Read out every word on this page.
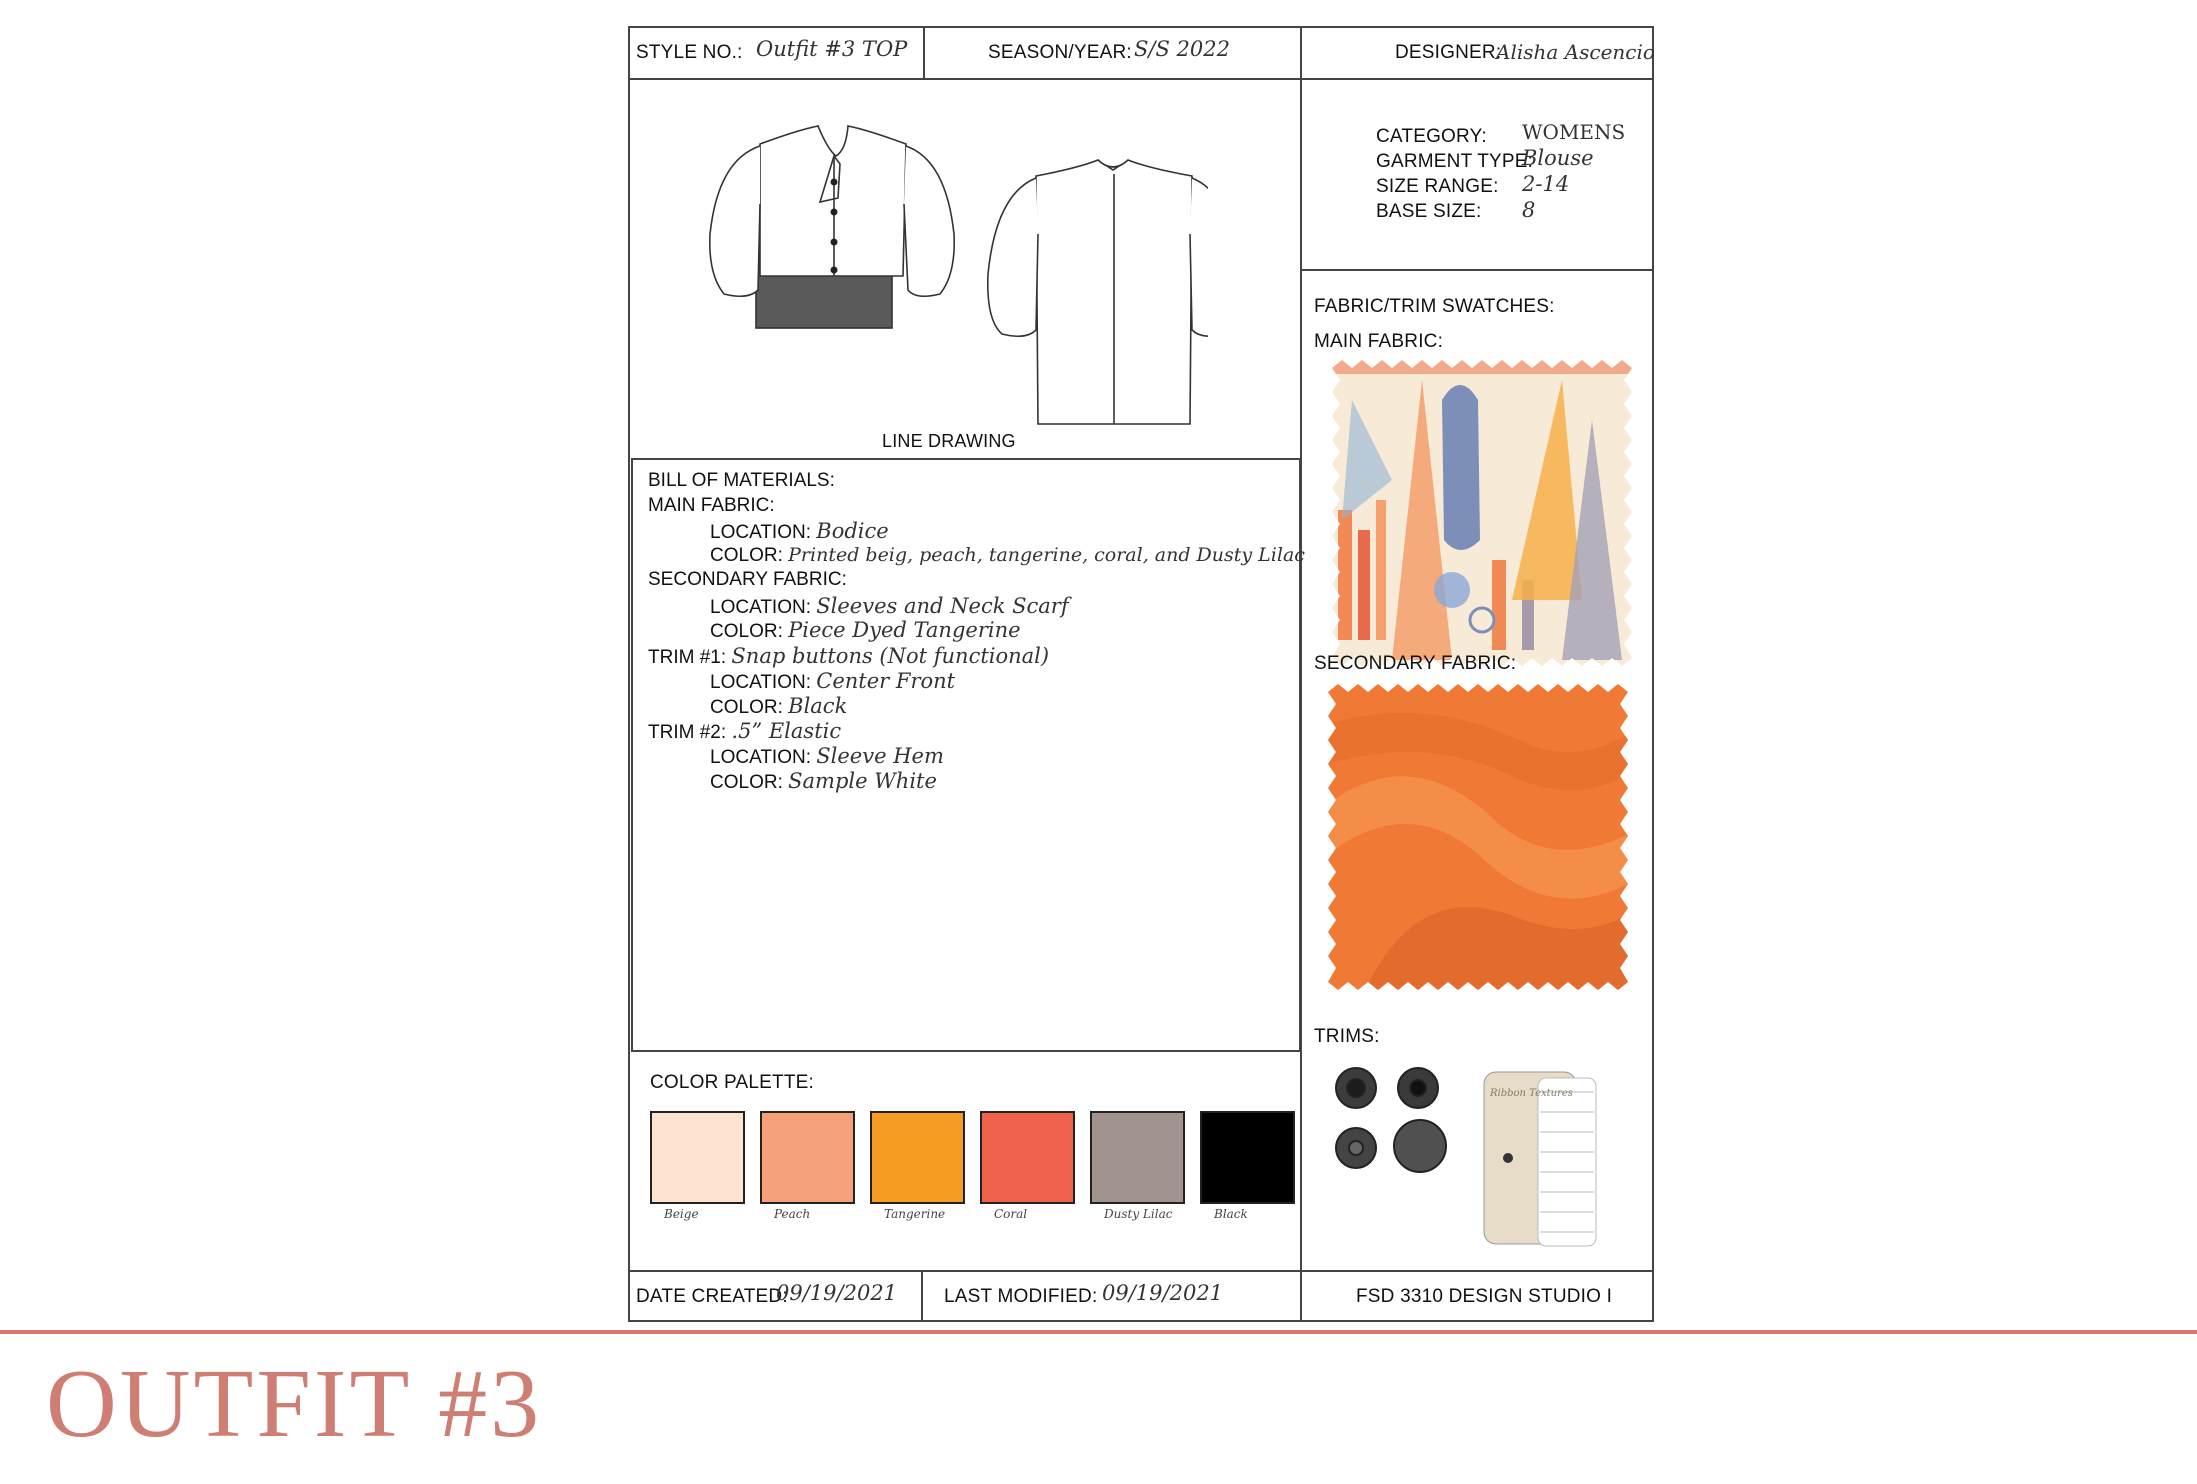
STYLE NO.: Outfit #3 TOP	SEASON/YEAR: S/S 2022	DESIGNER:
Alisha Ascencio
CATEGORY: WOMENS
GARMENT TYPE:
Blouse
SIZE RANGE: 2-14
BASE SIZE: 8
LINE DRAWING
BILL OF MATERIALS:
MAIN FABRIC:
LOCATION: Bodice
COLOR: Printed beig, peach, tangerine, coral, and Dusty Lilac
SECONDARY FABRIC:
LOCATION: Sleeves and Neck Scarf
COLOR: Piece Dyed Tangerine
TRIM #1: Snap buttons (Not functional)
LOCATION: Center Front
COLOR: Black
TRIM #2: .5” Elastic
LOCATION: Sleeve Hem
COLOR: Sample White
COLOR PALETTE:
Beige	Peach	Tangerine	Coral	Dusty Lilac	Black
DATE CREATED:
09/19/2021 LAST MODIFIED: 09/19/2021	FSD 3310 DESIGN STUDIO I
FABRIC/TRIM SWATCHES:
MAIN FABRIC:
SECONDARY FABRIC:
TRIMS:
Ribbon Textures
OUTFIT #3
